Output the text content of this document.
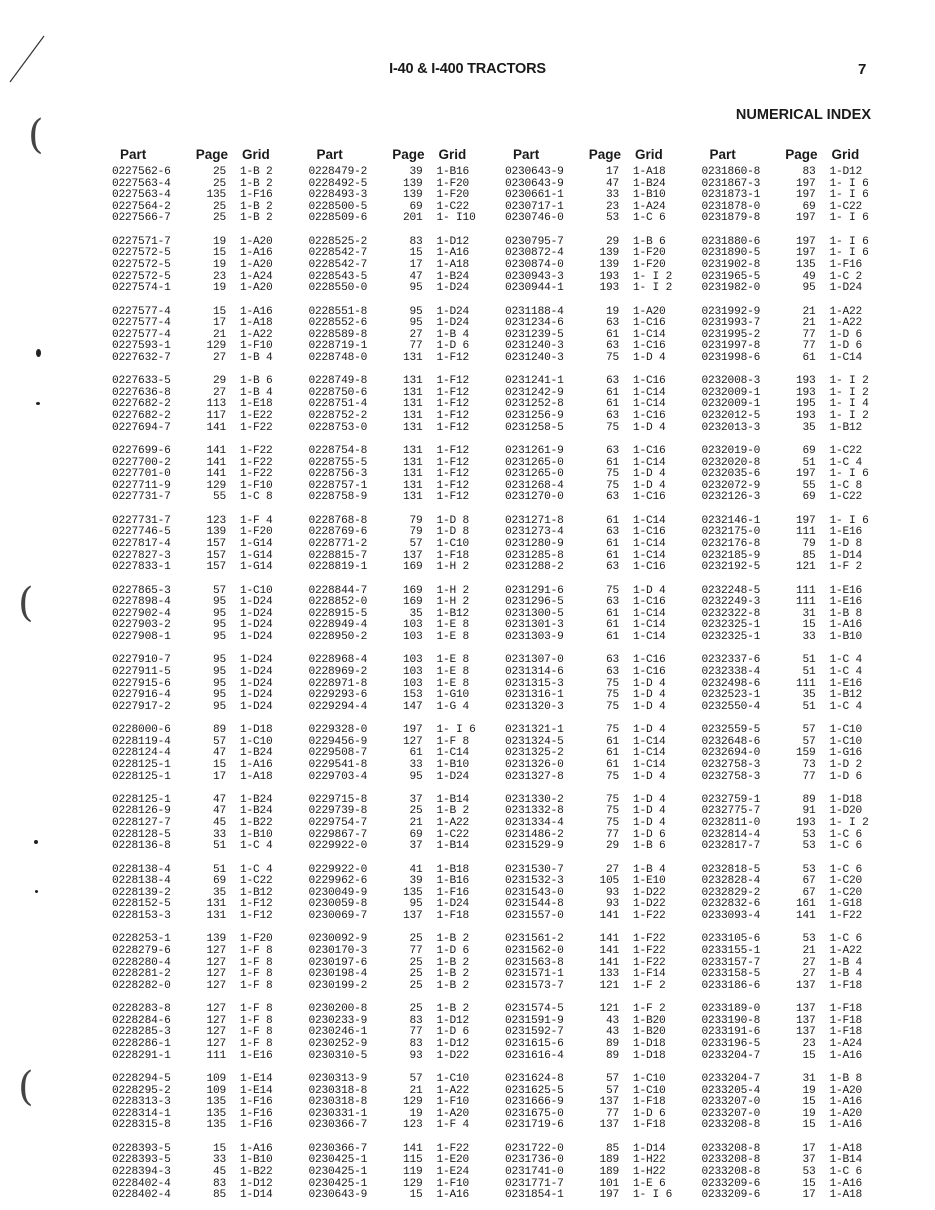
I-40 & I-400 TRACTORS	7
NUMERICAL INDEX
(
(
(
Part	Page	Grid
0227562-6	25	1-B 2
0227563-4	25	1-B 2
0227563-4	135	1-F16
0227564-2	25	1-B 2
0227566-7	25	1-B 2
0227571-7	19	1-A20
0227572-5	15	1-A16
0227572-5	19	1-A20
0227572-5	23	1-A24
0227574-1	19	1-A20
0227577-4	15	1-A16
0227577-4	17	1-A18
0227577-4	21	1-A22
0227593-1	129	1-F10
0227632-7	27	1-B 4
0227633-5	29	1-B 6
0227636-8	27	1-B 4
0227682-2	113	1-E18
0227682-2	117	1-E22
0227694-7	141	1-F22
0227699-6	141	1-F22
0227700-2	141	1-F22
0227701-0	141	1-F22
0227711-9	129	1-F10
0227731-7	55	1-C 8
0227731-7	123	1-F 4
0227746-5	139	1-F20
0227817-4	157	1-G14
0227827-3	157	1-G14
0227833-1	157	1-G14
0227865-3	57	1-C10
0227898-4	95	1-D24
0227902-4	95	1-D24
0227903-2	95	1-D24
0227908-1	95	1-D24
0227910-7	95	1-D24
0227911-5	95	1-D24
0227915-6	95	1-D24
0227916-4	95	1-D24
0227917-2	95	1-D24
0228000-6	89	1-D18
0228119-4	57	1-C10
0228124-4	47	1-B24
0228125-1	15	1-A16
0228125-1	17	1-A18
0228125-1	47	1-B24
0228126-9	47	1-B24
0228127-7	45	1-B22
0228128-5	33	1-B10
0228136-8	51	1-C 4
0228138-4	51	1-C 4
0228138-4	69	1-C22
0228139-2	35	1-B12
0228152-5	131	1-F12
0228153-3	131	1-F12
0228253-1	139	1-F20
0228279-6	127	1-F 8
0228280-4	127	1-F 8
0228281-2	127	1-F 8
0228282-0	127	1-F 8
0228283-8	127	1-F 8
0228284-6	127	1-F 8
0228285-3	127	1-F 8
0228286-1	127	1-F 8
0228291-1	111	1-E16
0228294-5	109	1-E14
0228295-2	109	1-E14
0228313-3	135	1-F16
0228314-1	135	1-F16
0228315-8	135	1-F16
0228393-5	15	1-A16
0228393-5	33	1-B10
0228394-3	45	1-B22
0228402-4	83	1-D12
0228402-4	85	1-D14
Part	Page	Grid
0228479-2	39	1-B16
0228492-5	139	1-F20
0228493-3	139	1-F20
0228500-5	69	1-C22
0228509-6	201	1- I10
0228525-2	83	1-D12
0228542-7	15	1-A16
0228542-7	17	1-A18
0228543-5	47	1-B24
0228550-0	95	1-D24
0228551-8	95	1-D24
0228552-6	95	1-D24
0228589-8	27	1-B 4
0228719-1	77	1-D 6
0228748-0	131	1-F12
0228749-8	131	1-F12
0228750-6	131	1-F12
0228751-4	131	1-F12
0228752-2	131	1-F12
0228753-0	131	1-F12
0228754-8	131	1-F12
0228755-5	131	1-F12
0228756-3	131	1-F12
0228757-1	131	1-F12
0228758-9	131	1-F12
0228768-8	79	1-D 8
0228769-6	79	1-D 8
0228771-2	57	1-C10
0228815-7	137	1-F18
0228819-1	169	1-H 2
0228844-7	169	1-H 2
0228852-0	169	1-H 2
0228915-5	35	1-B12
0228949-4	103	1-E 8
0228950-2	103	1-E 8
0228968-4	103	1-E 8
0228969-2	103	1-E 8
0228971-8	103	1-E 8
0229293-6	153	1-G10
0229294-4	147	1-G 4
0229328-0	197	1- I 6
0229456-9	127	1-F 8
0229508-7	61	1-C14
0229541-8	33	1-B10
0229703-4	95	1-D24
0229715-8	37	1-B14
0229739-8	25	1-B 2
0229754-7	21	1-A22
0229867-7	69	1-C22
0229922-0	37	1-B14
0229922-0	41	1-B18
0229962-6	39	1-B16
0230049-9	135	1-F16
0230059-8	95	1-D24
0230069-7	137	1-F18
0230092-9	25	1-B 2
0230170-3	77	1-D 6
0230197-6	25	1-B 2
0230198-4	25	1-B 2
0230199-2	25	1-B 2
0230200-8	25	1-B 2
0230233-9	83	1-D12
0230246-1	77	1-D 6
0230252-9	83	1-D12
0230310-5	93	1-D22
0230313-9	57	1-C10
0230318-8	21	1-A22
0230318-8	129	1-F10
0230331-1	19	1-A20
0230366-7	123	1-F 4
0230366-7	141	1-F22
0230425-1	115	1-E20
0230425-1	119	1-E24
0230425-1	129	1-F10
0230643-9	15	1-A16
Part	Page	Grid
0230643-9	17	1-A18
0230643-9	47	1-B24
0230661-1	33	1-B10
0230717-1	23	1-A24
0230746-0	53	1-C 6
0230795-7	29	1-B 6
0230872-4	139	1-F20
0230874-0	139	1-F20
0230943-3	193	1- I 2
0230944-1	193	1- I 2
0231188-4	19	1-A20
0231234-6	63	1-C16
0231239-5	61	1-C14
0231240-3	63	1-C16
0231240-3	75	1-D 4
0231241-1	63	1-C16
0231242-9	61	1-C14
0231252-8	61	1-C14
0231256-9	63	1-C16
0231258-5	75	1-D 4
0231261-9	63	1-C16
0231265-0	61	1-C14
0231265-0	75	1-D 4
0231268-4	75	1-D 4
0231270-0	63	1-C16
0231271-8	61	1-C14
0231273-4	63	1-C16
0231280-9	61	1-C14
0231285-8	61	1-C14
0231288-2	63	1-C16
0231291-6	75	1-D 4
0231296-5	63	1-C16
0231300-5	61	1-C14
0231301-3	61	1-C14
0231303-9	61	1-C14
0231307-0	63	1-C16
0231314-6	63	1-C16
0231315-3	75	1-D 4
0231316-1	75	1-D 4
0231320-3	75	1-D 4
0231321-1	75	1-D 4
0231324-5	61	1-C14
0231325-2	61	1-C14
0231326-0	61	1-C14
0231327-8	75	1-D 4
0231330-2	75	1-D 4
0231332-8	75	1-D 4
0231334-4	75	1-D 4
0231486-2	77	1-D 6
0231529-9	29	1-B 6
0231530-7	27	1-B 4
0231532-3	105	1-E10
0231543-0	93	1-D22
0231544-8	93	1-D22
0231557-0	141	1-F22
0231561-2	141	1-F22
0231562-0	141	1-F22
0231563-8	141	1-F22
0231571-1	133	1-F14
0231573-7	121	1-F 2
0231574-5	121	1-F 2
0231591-9	43	1-B20
0231592-7	43	1-B20
0231615-6	89	1-D18
0231616-4	89	1-D18
0231624-8	57	1-C10
0231625-5	57	1-C10
0231666-9	137	1-F18
0231675-0	77	1-D 6
0231719-6	137	1-F18
0231722-0	85	1-D14
0231736-0	189	1-H22
0231741-0	189	1-H22
0231771-7	101	1-E 6
0231854-1	197	1- I 6
Part	Page	Grid
0231860-8	83	1-D12
0231867-3	197	1- I 6
0231873-1	197	1- I 6
0231878-0	69	1-C22
0231879-8	197	1- I 6
0231880-6	197	1- I 6
0231890-5	197	1- I 6
0231902-8	135	1-F16
0231965-5	49	1-C 2
0231982-0	95	1-D24
0231992-9	21	1-A22
0231993-7	21	1-A22
0231995-2	77	1-D 6
0231997-8	77	1-D 6
0231998-6	61	1-C14
0232008-3	193	1- I 2
0232009-1	193	1- I 2
0232009-1	195	1- I 4
0232012-5	193	1- I 2
0232013-3	35	1-B12
0232019-0	69	1-C22
0232020-8	51	1-C 4
0232035-6	197	1- I 6
0232072-9	55	1-C 8
0232126-3	69	1-C22
0232146-1	197	1- I 6
0232175-0	111	1-E16
0232176-8	79	1-D 8
0232185-9	85	1-D14
0232192-5	121	1-F 2
0232248-5	111	1-E16
0232249-3	111	1-E16
0232322-8	31	1-B 8
0232325-1	15	1-A16
0232325-1	33	1-B10
0232337-6	51	1-C 4
0232338-4	51	1-C 4
0232498-6	111	1-E16
0232523-1	35	1-B12
0232550-4	51	1-C 4
0232559-5	57	1-C10
0232648-6	57	1-C10
0232694-0	159	1-G16
0232758-3	73	1-D 2
0232758-3	77	1-D 6
0232759-1	89	1-D18
0232775-7	91	1-D20
0232811-0	193	1- I 2
0232814-4	53	1-C 6
0232817-7	53	1-C 6
0232818-5	53	1-C 6
0232828-4	67	1-C20
0232829-2	67	1-C20
0232832-6	161	1-G18
0233093-4	141	1-F22
0233105-6	53	1-C 6
0233155-1	21	1-A22
0233157-7	27	1-B 4
0233158-5	27	1-B 4
0233186-6	137	1-F18
0233189-0	137	1-F18
0233190-8	137	1-F18
0233191-6	137	1-F18
0233196-5	23	1-A24
0233204-7	15	1-A16
0233204-7	31	1-B 8
0233205-4	19	1-A20
0233207-0	15	1-A16
0233207-0	19	1-A20
0233208-8	15	1-A16
0233208-8	17	1-A18
0233208-8	37	1-B14
0233208-8	53	1-C 6
0233209-6	15	1-A16
0233209-6	17	1-A18
